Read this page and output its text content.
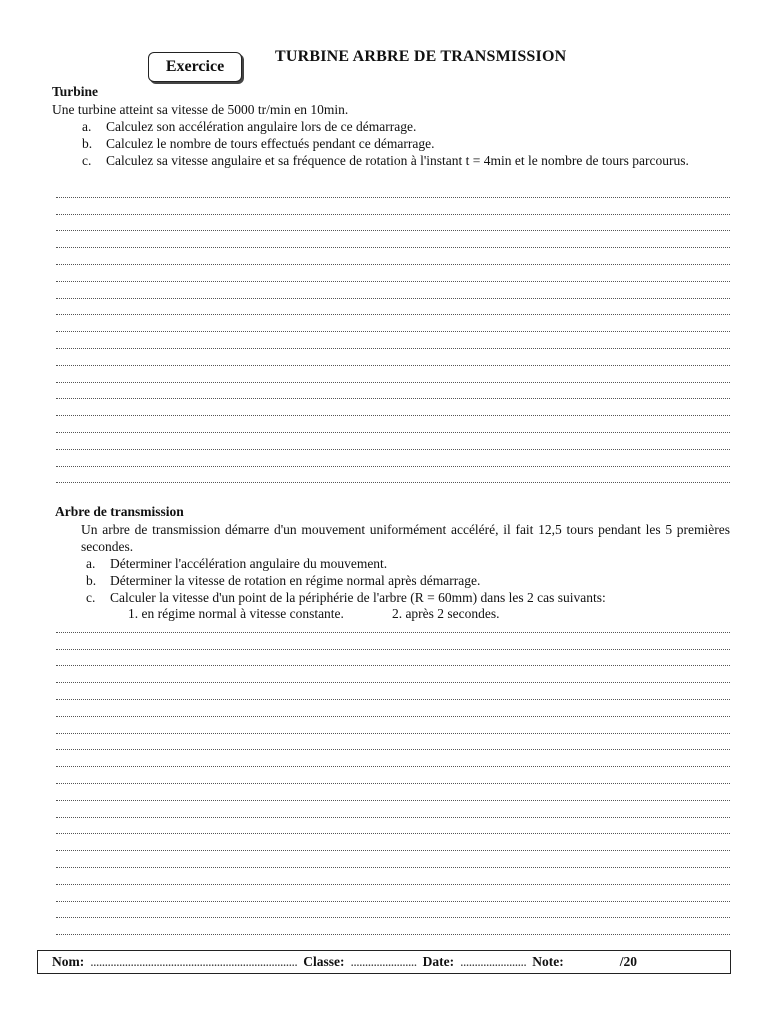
Exercice
TURBINE ARBRE DE TRANSMISSION
Turbine
Une turbine atteint sa vitesse de 5000 tr/min en 10min.
a.	Calculez son accélération angulaire lors de ce démarrage.
b.	Calculez le nombre de tours effectués pendant ce démarrage.
c.	Calculez sa vitesse angulaire et sa fréquence de rotation à l'instant t = 4min et le nombre de tours parcourus.
Arbre de transmission
Un arbre de transmission démarre d'un mouvement uniformément accéléré, il fait 12,5 tours pendant les 5 premières secondes.
a.	Déterminer l'accélération angulaire du mouvement.
b.	Déterminer la vitesse de rotation en régime normal après démarrage.
c.	Calculer la vitesse d'un point de la périphérie de l'arbre (R = 60mm) dans les 2 cas suivants:
1. en régime normal à vitesse constante.	2. après 2 secondes.
Nom: ........................................................................ Classe: ....................... Date: ....................... Note:	/20
